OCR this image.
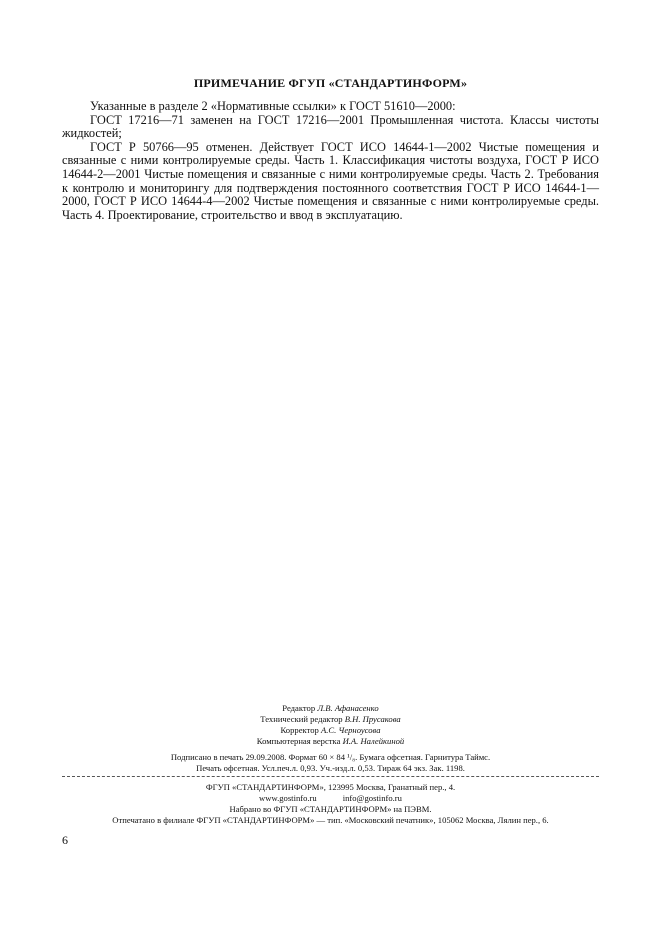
ПРИМЕЧАНИЕ ФГУП «СТАНДАРТИНФОРМ»

Указанные в разделе 2 «Нормативные ссылки» к ГОСТ 51610—2000:

ГОСТ 17216—71 заменен на ГОСТ 17216—2001 Промышленная чистота. Классы чистоты жидкостей;

ГОСТ Р 50766—95 отменен. Действует ГОСТ ИСО 14644-1—2002 Чистые помещения и связанные с ними контролируемые среды. Часть 1. Классификация чистоты воздуха, ГОСТ Р ИСО 14644-2—2001 Чистые помещения и связанные с ними контролируемые среды. Часть 2. Требования к контролю и мониторингу для подтверждения постоянного соответствия ГОСТ Р ИСО 14644-1—2000, ГОСТ Р ИСО 14644-4—2002 Чистые помещения и связанные с ними контролируемые среды. Часть 4. Проектирование, строительство и ввод в эксплуатацию.

Редактор Л.В. Афанасенко
Технический редактор В.Н. Прусакова
Корректор А.С. Черноусова
Компьютерная верстка И.А. Налейкиной
Подписано в печать 29.09.2008. Формат 60 × 84 ¹/₈. Бумага офсетная. Гарнитура Таймс.
Печать офсетная. Усл.печ.л. 0,93. Уч.-изд.л. 0,53. Тираж 64 экз. Зак. 1198.
ФГУП «СТАНДАРТИНФОРМ», 123995 Москва, Гранатный пер., 4.
www.gostinfo.ru	info@gostinfo.ru
Набрано во ФГУП «СТАНДАРТИНФОРМ» на ПЭВМ.
Отпечатано в филиале ФГУП «СТАНДАРТИНФОРМ» — тип. «Московский печатник», 105062 Москва, Лялин пер., 6.
6
